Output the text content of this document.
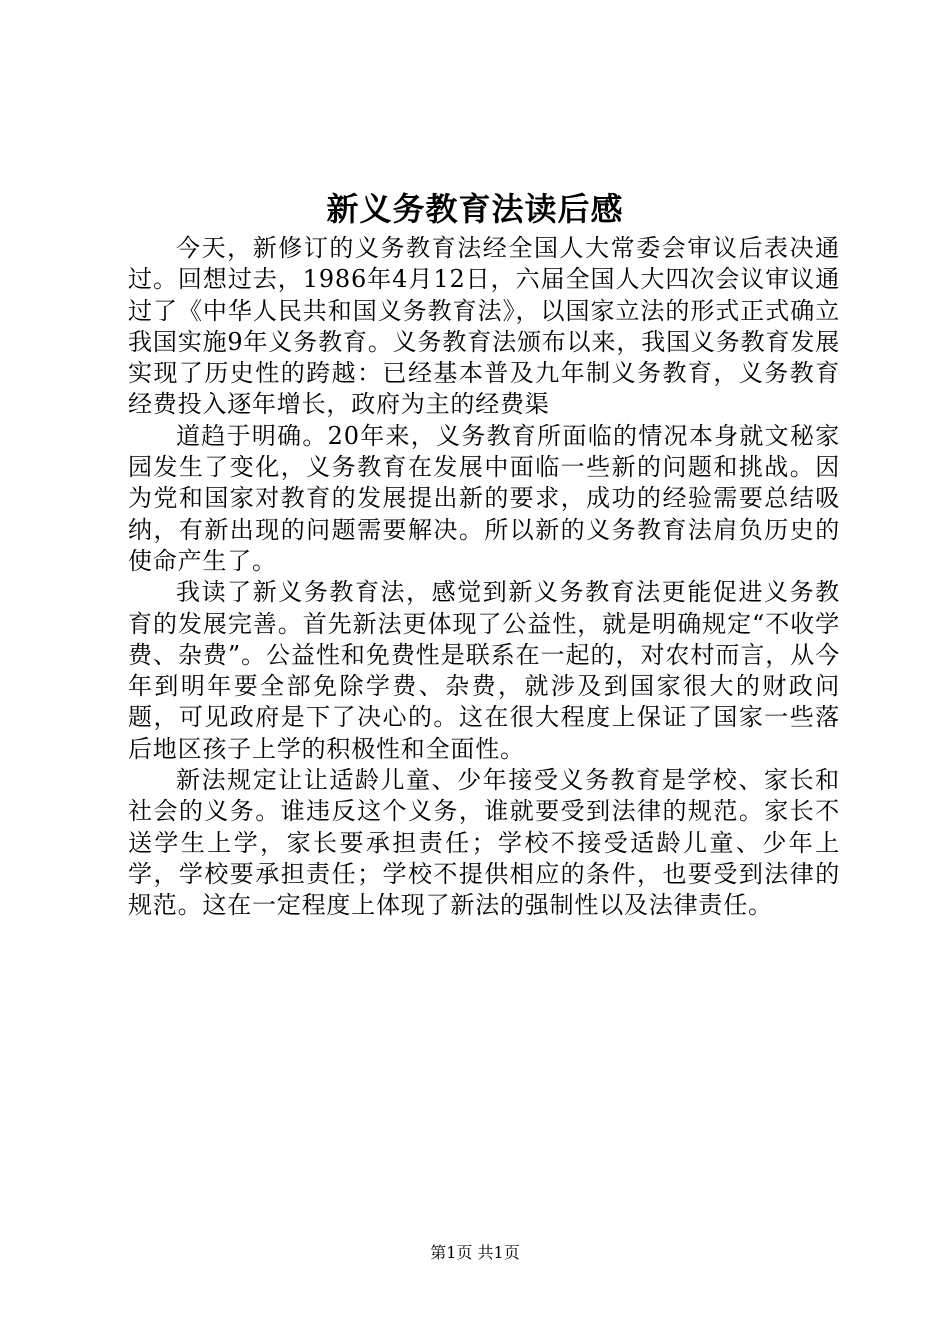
新义务教育法读后感

今天，新修订的义务教育法经全国人大常委会审议后表决通过。回想过去，1986年4月12日，六届全国人大四次会议审议通过了《中华人民共和国义务教育法》，以国家立法的形式正式确立我国实施9年义务教育。义务教育法颁布以来，我国义务教育发展实现了历史性的跨越：已经基本普及九年制义务教育，义务教育经费投入逐年增长，政府为主的经费渠

道趋于明确。20年来，义务教育所面临的情况本身就文秘家园发生了变化，义务教育在发展中面临一些新的问题和挑战。因为党和国家对教育的发展提出新的要求，成功的经验需要总结吸纳，有新出现的问题需要解决。所以新的义务教育法肩负历史的使命产生了。

我读了新义务教育法，感觉到新义务教育法更能促进义务教育的发展完善。首先新法更体现了公益性，就是明确规定“不收学费、杂费”。公益性和免费性是联系在一起的，对农村而言，从今年到明年要全部免除学费、杂费，就涉及到国家很大的财政问题，可见政府是下了决心的。这在很大程度上保证了国家一些落后地区孩子上学的积极性和全面性。

新法规定让让适龄儿童、少年接受义务教育是学校、家长和社会的义务。谁违反这个义务，谁就要受到法律的规范。家长不送学生上学，家长要承担责任；学校不接受适龄儿童、少年上学，学校要承担责任；学校不提供相应的条件，也要受到法律的规范。这在一定程度上体现了新法的强制性以及法律责任。

第1页 共1页
